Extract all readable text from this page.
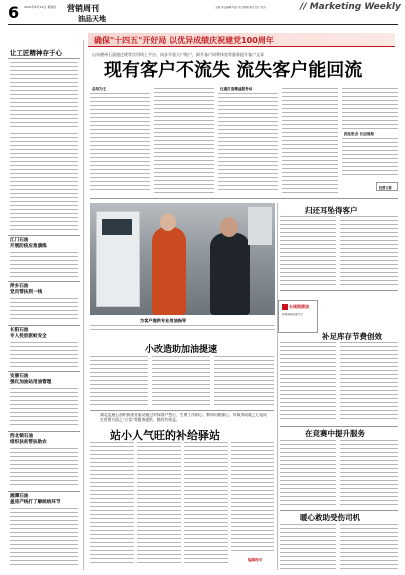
6 2021年8月19日 星期四	营销周刊
油品天地
主编 责任编辑 电话 电子邮箱 版式设计 校对	// Marketing Weekly
确保"十四五"开好局 以优异成绩庆祝建党100周年
让工匠精神存于心
江门石油
开展防疫应急演练
萍乡石油
党员帮扶到一线
长阳石油
专人投放驱蚊安全
安康石油
强化加油站用油管理
西北销石油
组织扶贫帮扶助农
湘潭石油
盖房产线打了解统统环节
山东德州石油通过规等法用线上平台，同步开放大户数户，揭升客户同费体验等服务提升客户文章
现有客户不流失 流失客户能回流
总结为王	注重打造精益服务站
抓住机会 长远规划
经营文章
为客户提供专业用油指导
长城润滑油
润滑油新品推介会
归还耳坠得客户
补足库存节费创效
在竞赛中提升服务
暖心救助受伤司机
小改造助加油提速
湖北直通石油积极创业驱动通过对保客户想心，生理工作细心、教诲问题暴心，所取得成就之心是成在营销方面之"立信"等服务提供，都的有效益。
站小人气旺的补给驿站
编辑校对
